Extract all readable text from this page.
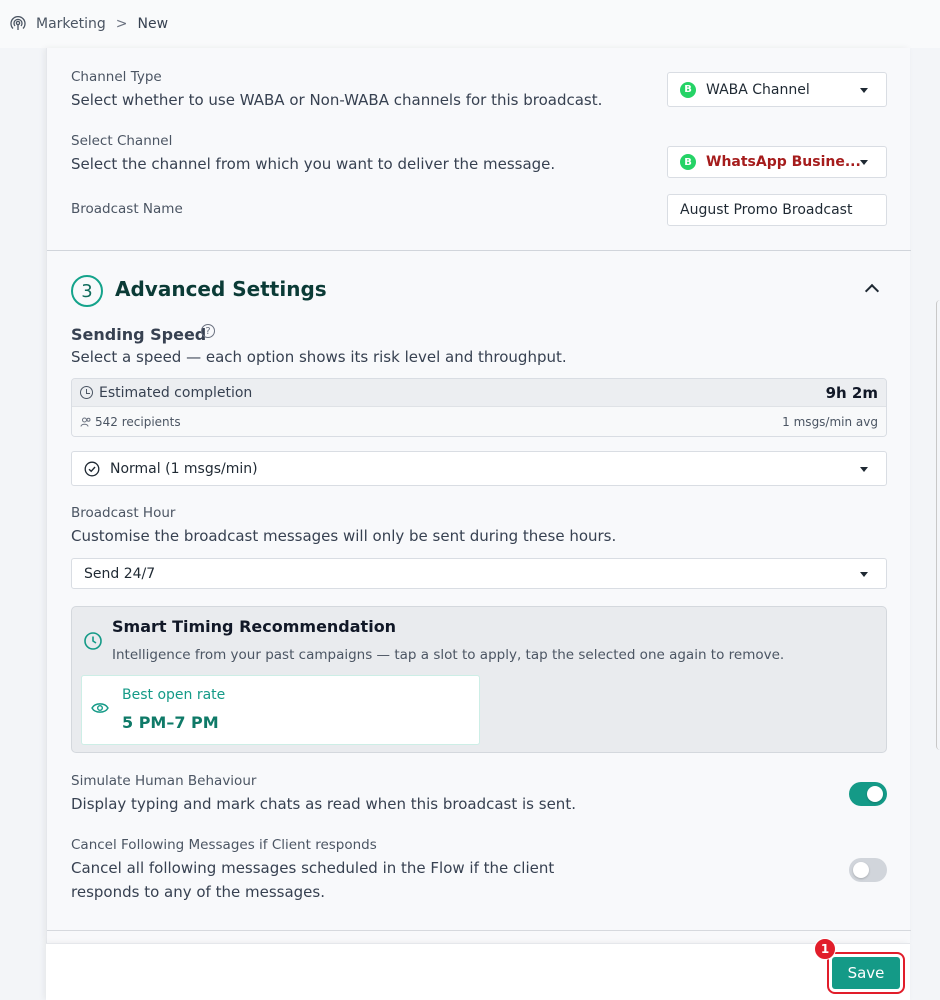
Marketing > New
Channel Type
Select whether to use WABA or Non-WABA channels for this broadcast.
B WABA Channel
Select Channel
Select the channel from which you want to deliver the message.	B WhatsApp Busine...
Broadcast Name	August Promo Broadcast
3	Advanced Settings
Sending Speed ?
Select a speed — each option shows its risk level and throughput.
Estimated completion	9h 2m
542 recipients	1 msgs/min avg
Normal (1 msgs/min)
Broadcast Hour
Customise the broadcast messages will only be sent during these hours.
Send 24/7
Smart Timing Recommendation
Intelligence from your past campaigns — tap a slot to apply, tap the selected one again to remove.
Best open rate
5 PM–7 PM
Simulate Human Behaviour
Display typing and mark chats as read when this broadcast is sent.
Cancel Following Messages if Client responds
Cancel all following messages scheduled in the Flow if the client
responds to any of the messages.
Save
1
